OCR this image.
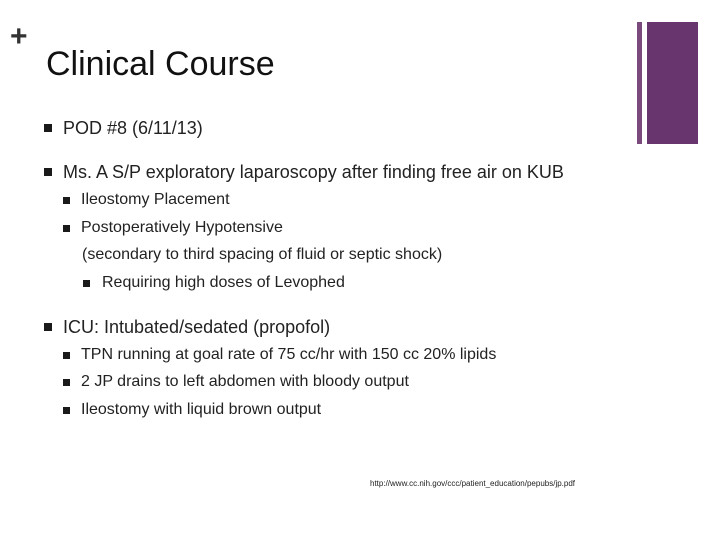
+
Clinical Course
POD #8 (6/11/13)
Ms. A S/P exploratory laparoscopy after finding free air on KUB
Ileostomy Placement
Postoperatively Hypotensive
(secondary to third spacing of fluid or septic shock)
Requiring high doses of Levophed
ICU: Intubated/sedated (propofol)
TPN running at goal rate of 75 cc/hr with 150 cc 20% lipids
2 JP drains to left abdomen with bloody output
Ileostomy with liquid brown output
http://www.cc.nih.gov/ccc/patient_education/pepubs/jp.pdf
